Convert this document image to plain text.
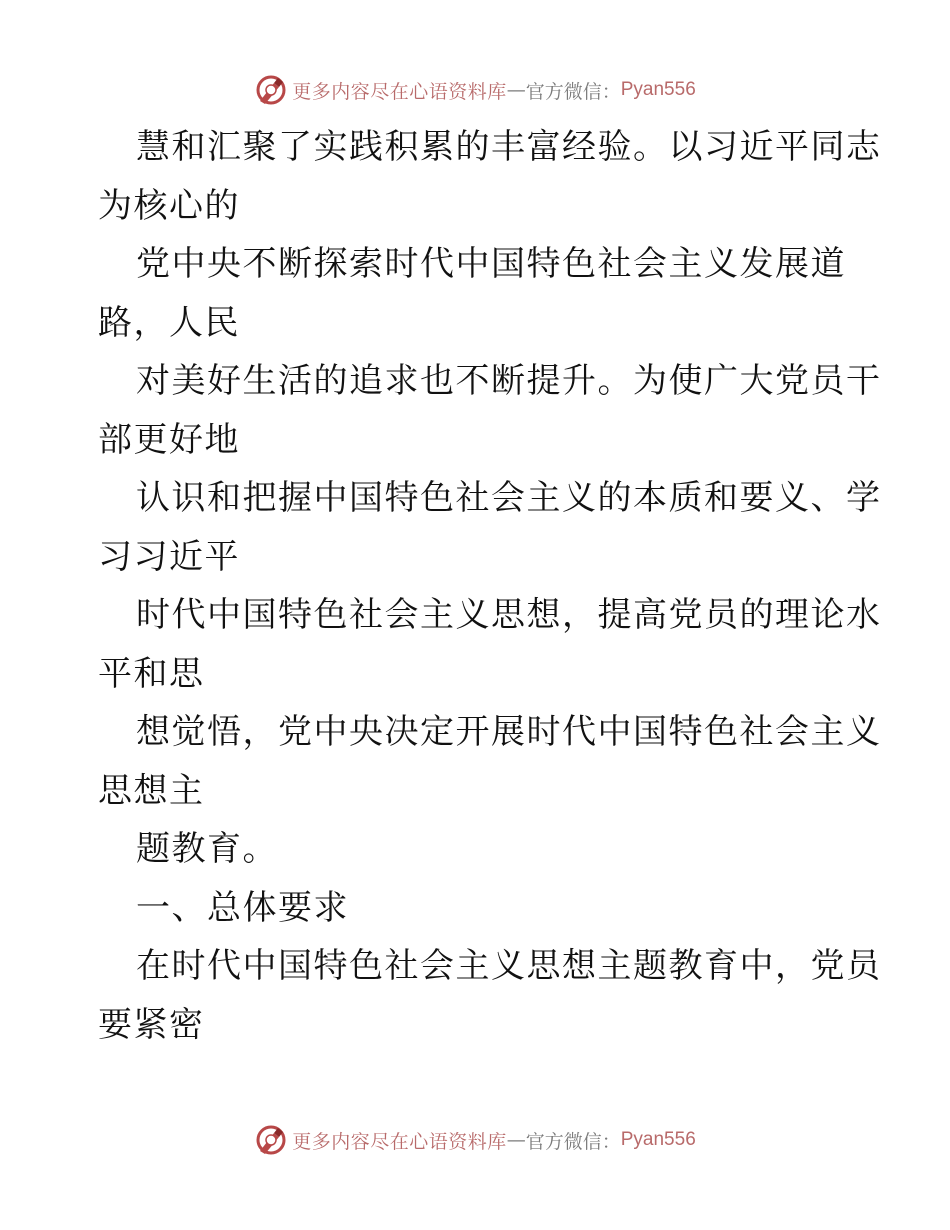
更多内容尽在心语资料库 — 官方微信： Pyan556
慧和汇聚了实践积累的丰富经验。以习近平同志
为核心的
党中央不断探索时代中国特色社会主义发展道
路，人民
对美好生活的追求也不断提升。为使广大党员干
部更好地
认识和把握中国特色社会主义的本质和要义、学
习习近平
时代中国特色社会主义思想，提高党员的理论水
平和思
想觉悟，党中央决定开展时代中国特色社会主义
思想主
题教育。
一、总体要求
在时代中国特色社会主义思想主题教育中，党员
要紧密
更多内容尽在心语资料库 — 官方微信： Pyan556
